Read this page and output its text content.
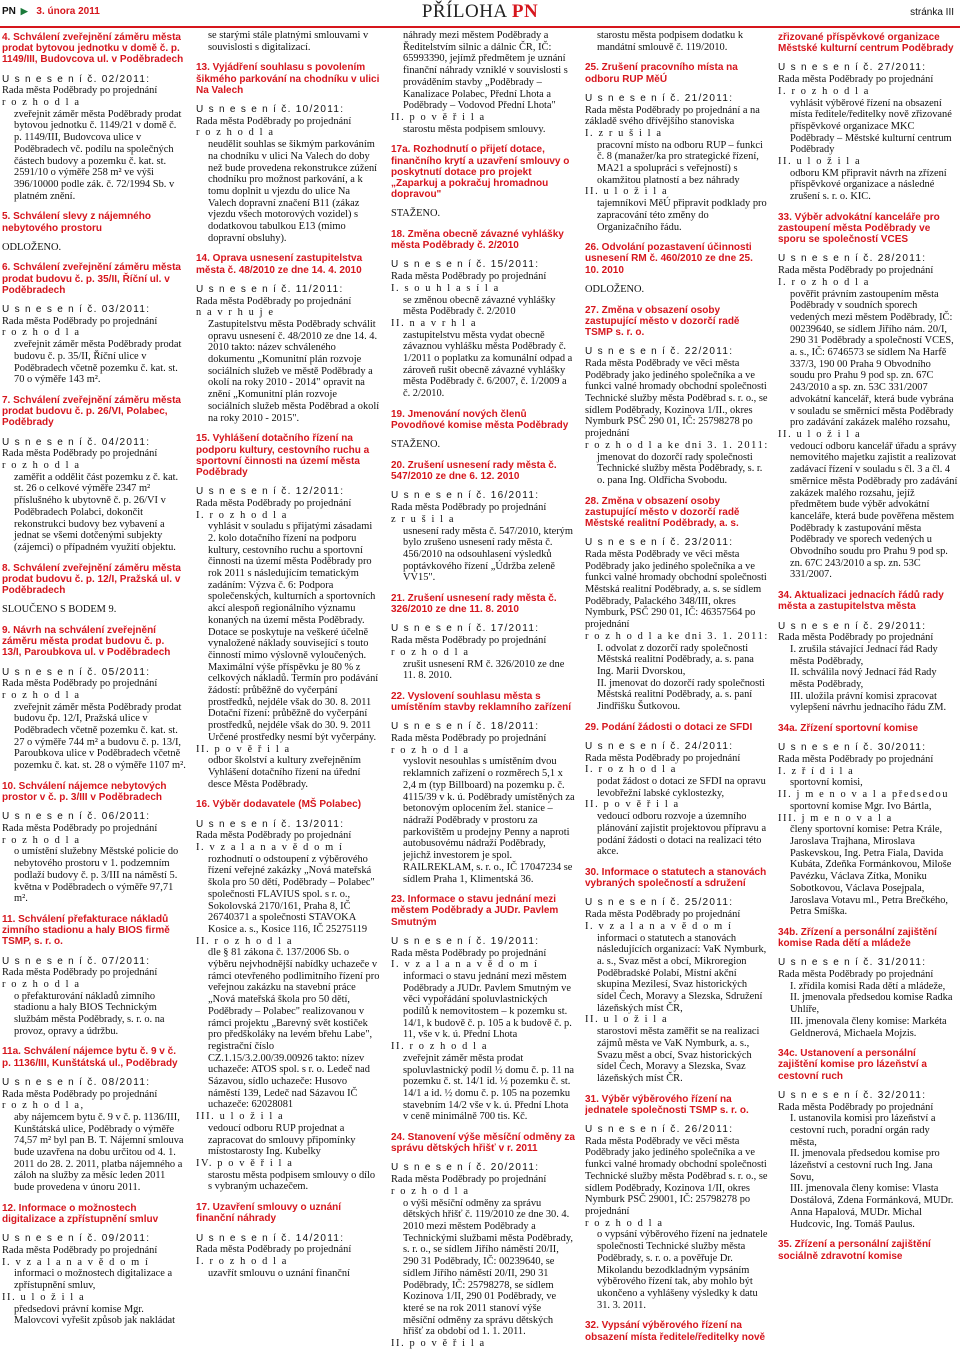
PN ▶ 3. února 2011	PŘÍLOHA PN	stránka III

4. Schválení zveřejnění záměru města prodat bytovou jednotku v domě č. p. 1149/III, Budovcova ul. v Poděbradech

U s n e s e n í č. 02/2011:

Rada města Poděbrady po projednání

r o z h o d l a

zveřejnit záměr města Poděbrady prodat bytovou jednotku č. 1149/21 v domě č. p. 1149/III, Budovcova ulice v Poděbradech vč. podílu na společných částech budovy a pozemku č. kat. st. 2591/10 o výměře 258 m² ve výši 396/10000 podle zák. č. 72/1994 Sb. v platném znění.

5. Schválení slevy z nájemného nebytového prostoru

ODLOŽENO.

6. Schválení zveřejnění záměru města prodat budovu č. p. 35/II, Říční ul. v Poděbradech

U s n e s e n í č. 03/2011:

Rada města Poděbrady po projednání

r o z h o d l a

zveřejnit záměr města Poděbrady prodat budovu č. p. 35/II, Říční ulice v Poděbradech včetně pozemku č. kat. st. 70 o výměře 143 m².

7. Schválení zveřejnění záměru města prodat budovu č. p. 26/VI, Polabec, Poděbrady

U s n e s e n í č. 04/2011:

Rada města Poděbrady po projednání

r o z h o d l a

zaměřit a oddělit část pozemku z č. kat. st. 26 o celkové výměře 2347 m² příslušného k ubytovně č. p. 26/VI v Poděbradech Polabci, dokončit rekonstrukci budovy bez vybavení a jednat se všemi dotčenými subjekty (zájemci) o případném využití objektu.

8. Schválení zveřejnění záměru města prodat budovu č. p. 12/I, Pražská ul. v Poděbradech

SLOUČENO S BODEM 9.

9. Návrh na schválení zveřejnění záměru města prodat budovu č. p. 13/I, Paroubkova ul. v Poděbradech

U s n e s e n í č. 05/2011:

Rada města Poděbrady po projednání

r o z h o d l a

zveřejnit záměr města Poděbrady prodat budovu čp. 12/I, Pražská ulice v Poděbradech včetně pozemku č. kat. st. 27 o výměře 744 m² a budovu č. p. 13/I, Paroubkova ulice v Poděbradech včetně pozemku č. kat. st. 28 o výměře 1107 m².

10. Schválení nájemce nebytových prostor v č. p. 3/III v Poděbradech

U s n e s e n í č. 06/2011:

Rada města Poděbrady po projednání

r o z h o d l a

o umístění služebny Městské policie do nebytového prostoru v 1. podzemním podlaží budovy č. p. 3/III na náměstí 5. května v Poděbradech o výměře 97,71 m².

11. Schválení přefakturace nákladů zimního stadionu a haly BIOS firmě TSMP, s. r. o.

U s n e s e n í č. 07/2011:

Rada města Poděbrady po projednání

r o z h o d l a

o přefakturování nákladů zimního stadionu a haly BIOS Technickým službám města Poděbrady, s. r. o. na provoz, opravy a údržbu.

11a. Schválení nájemce bytu č. 9 v č. p. 1136/III, Kunštátská ul., Poděbrady

U s n e s e n í č. 08/2011:

Rada města Poděbrady po projednání

r o z h o d l a,

aby nájemcem bytu č. 9 v č. p. 1136/III, Kunštátská ulice, Poděbrady o výměře 74,57 m² byl pan B. T. Nájemní smlouva bude uzavřena na dobu určitou od 4. 1. 2011 do 28. 2. 2011, platba nájemného a záloh na služby za měsíc leden 2011 bude provedena v únoru 2011.

12. Informace o možnostech digitalizace a zpřístupnění smluv

U s n e s e n í č. 09/2011:

Rada města Poděbrady po projednání

I. v z a l a n a v ě d o m í

informaci o možnostech digitalizace a zpřístupnění smluv,

II. u l o ž i l a

předsedovi právní komise Mgr. Malovcovi vyřešit způsob jak nakládat

se starými stále platnými smlouvami v souvislosti s digitalizací.

13. Vyjádření souhlasu s povolením šikmého parkování na chodníku v ulici Na Valech

U s n e s e n í č. 10/2011:

Rada města Poděbrady po projednání

r o z h o d l a

neudělit souhlas se šikmým parkováním na chodníku v ulici Na Valech do doby než bude provedena rekonstrukce zúžení chodníku pro možnost parkování, a k tomu doplnit u vjezdu do ulice Na Valech dopravní značení B11 (zákaz vjezdu všech motorových vozidel) s dodatkovou tabulkou E13 (mimo dopravní obsluhy).

14. Oprava usnesení zastupitelstva města č. 48/2010 ze dne 14. 4. 2010

U s n e s e n í č. 11/2011:

Rada města Poděbrady po projednání

n a v r h u j e

Zastupitelstvu města Poděbrady schválit opravu usnesení č. 48/2010 ze dne 14. 4. 2010 takto: název schváleného dokumentu „Komunitní plán rozvoje sociálních služeb ve městě Poděbrady a okolí na roky 2010 - 2014" opravit na znění „Komunitní plán rozvoje sociálních služeb města Poděbrad a okolí na roky 2010 - 2015".

15. Vyhlášení dotačního řízení na podporu kultury, cestovního ruchu a sportovní činnosti na území města Poděbrady

U s n e s e n í č. 12/2011:

Rada města Poděbrady po projednání

I. r o z h o d l a

vyhlásit v souladu s přijatými zásadami 2. kolo dotačního řízení na podporu kultury, cestovního ruchu a sportovní činnosti na území města Poděbrady pro rok 2011 s následujícím tematickým zadáním: Výzva č. 6: Podpora společenských, kulturních a sportovních akcí alespoň regionálního významu konaných na území města Poděbrady. Dotace se poskytuje na veškeré účelně vynaložené náklady související s touto činností mimo výslovně vyloučených. Maximální výše příspěvku je 80 % z celkových nákladů. Termín pro podávání žádostí: průběžně do vyčerpání prostředků, nejdéle však do 30. 8. 2011 Dotační řízení: průběžně do vyčerpání prostředků, nejdéle však do 30. 9. 2011 Určené prostředky nesmí být vyčerpány.

II. p o v ě ř i l a

odbor školství a kultury zveřejněním Vyhlášení dotačního řízení na úřední desce Města Poděbrady.

16. Výběr dodavatele (MŠ Polabec)

U s n e s e n í č. 13/2011:

Rada města Poděbrady po projednání

I. v z a l a n a v ě d o m í

rozhodnutí o odstoupení z výběrového řízení veřejné zakázky „Nová mateřská škola pro 50 dětí, Poděbrady – Polabec" společnosti FLAVIUS spol. s r. o., Sokolovská 2170/161, Praha 8, IČ 26740371 a společnosti STAVOKA Kosice a. s., Kosice 116, IČ 25275119

II. r o z h o d l a

dle § 81 zákona č. 137/2006 Sb. o výběru nejvhodnější nabídky uchazeče v rámci otevřeného podlimitního řízení pro veřejnou zakázku na stavební práce „Nová mateřská škola pro 50 dětí, Poděbrady – Polabec" realizovanou v rámci projektu „Barevný svět kostiček pro předškoláky na levém břehu Labe", registrační číslo CZ.1.15/3.2.00/39.00926 takto: nízev uchazeče: ATOS spol. s r. o. Ledeč nad Sázavou, sídlo uchazeče: Husovo náměstí 139, Ledeč nad Sázavou IČ uchazeče: 62028081

III. u l o ž i l a

vedoucí odboru RUP projednat a zapracovat do smlouvy připomínky místostarosty Ing. Kubelky

IV. p o v ě ř i l a

starostu města podpisem smlouvy o dílo s vybraným uchazečem.

17. Uzavření smlouvy o uznání finanční náhrady

U s n e s e n í č. 14/2011:

Rada města Poděbrady po projednání

I. r o z h o d l a

uzavřít smlouvu o uznání finanční

náhrady mezi městem Poděbrady a Ředitelstvím silnic a dálnic ČR, IČ: 65993390, jejímž předmětem je uznání finanční náhrady vzniklé v souvislosti s prováděním stavby „Poděbrady – Kanalizace Polabec, Přední Lhota a Poděbrady – Vodovod Přední Lhota"

II. p o v ě ř i l a

starostu města podpisem smlouvy.

17a. Rozhodnutí o přijetí dotace, finančního krytí a uzavření smlouvy o poskytnutí dotace pro projekt „Zaparkuj a pokračuj hromadnou dopravou"

STAŽENO.

18. Změna obecně závazné vyhlášky města Poděbrady č. 2/2010

U s n e s e n í č. 15/2011:

Rada města Poděbrady po projednání

I. s o u h l a s í l a

se změnou obecně závazné vyhlášky města Poděbrady č. 2/2010

II. n a v r h l a

zastupitelstvu města vydat obecně závaznou vyhlášku města Poděbrady č. 1/2011 o poplatku za komunální odpad a zároveň rušit obecně závazné vyhlášky města Poděbrady č. 6/2007, č. 1/2009 a č. 2/2010.

19. Jmenování nových členů Povodňové komise města Poděbrady

STAŽENO.

20. Zrušení usnesení rady města č. 547/2010 ze dne 6. 12. 2010

U s n e s e n í č. 16/2011:

Rada města Poděbrady po projednání

z r u š i l a

usnesení rady města č. 547/2010, kterým bylo zrušeno usnesení rady města č. 456/2010 na odsouhlasení výsledků poptávkového řízení „Údržba zeleně VV15".

21. Zrušení usnesení rady města č. 326/2010 ze dne 11. 8. 2010

U s n e s e n í č. 17/2011:

Rada města Poděbrady po projednání

r o z h o d l a

zrušit usnesení RM č. 326/2010 ze dne 11. 8. 2010.

22. Vyslovení souhlasu města s umístěním stavby reklamního zařízení

U s n e s e n í č. 18/2011:

Rada města Poděbrady po projednání

r o z h o d l a

vyslovit nesouhlas s umístěním dvou reklamních zařízení o rozměrech 5,1 x 2,4 m (typ Billboard) na pozemku p. č. 4115/39 v k. ú. Poděbrady umístěných za betonovým oplocením žel. stanice – nádraží Poděbrady v prostoru za parkovištěm u prodejny Penny a naproti autobusovému nádraží Poděbrady, jejichž investorem je spol. RAILREKLAM, s. r. o., IČ 17047234 se sídlem Praha 1, Klimentská 36.

23. Informace o stavu jednání mezi městem Poděbrady a JUDr. Pavlem Smutným

U s n e s e n í č. 19/2011:

Rada města Poděbrady po projednání

I. v z a l a n a v ě d o m í

informaci o stavu jednání mezi městem Poděbrady a JUDr. Pavlem Smutným ve věci vypořádání spoluvlastnických podílů k nemovitostem – k pozemku st. 14/1, k budově č. p. 105 a k budově č. p. 11, vše v k. ú. Přední Lhota

II. r o z h o d l a

zveřejnit záměr města prodat spoluvlastnický podíl ½ domu č. p. 11 na pozemku č. st. 14/1 id. ½ pozemku č. st. 14/1 a id. ½ domu č. p. 105 na pozemku stavebním 14/2 vše v k. ú. Přední Lhota v ceně minimálně 700 tis. Kč.

24. Stanovení výše měsíční odměny za správu dětských hřišť v r. 2011

U s n e s e n í č. 20/2011:

Rada města Poděbrady po projednání

r o z h o d l a

o výši měsíční odměny za správu dětských hřišť č. 119/2010 ze dne 30. 4. 2010 mezi městem Poděbrady a Technickými službami města Poděbrady, s. r. o., se sídlem Jiřího náměstí 20/II, 290 31 Poděbrady, IČ: 00239640, se sídlem Jiřího náměstí 20/II, 290 31 Poděbrady, IČ: 25798278, se sídlem Kozinova 1/II, 290 01 Poděbrady, ve které se na rok 2011 stanoví výše měsíční odměny za správu dětských hřišť za období od 1. 1. 2011.

II. p o v ě ř i l a

starostu města podpisem dodatku k mandátní smlouvě č. 119/2010.

25. Zrušení pracovního místa na odboru RUP MěÚ

U s n e s e n í č. 21/2011:

Rada města Poděbrady po projednání a na základě svého dřívějšího stanoviska

I. z r u š i l a

pracovní místo na odboru RUP – funkci č. 8 (manažer/ka pro strategické řízení, MA21 a spolupráci s veřejností) s okamžitou platností a bez náhrady

II. u l o ž i l a

tajemníkovi MěÚ připravit podklady pro zapracování této změny do Organizačního řádu.

26. Odvolání pozastavení účinnosti usnesení RM č. 460/2010 ze dne 25. 10. 2010

ODLOŽENO.

27. Změna v obsazení osoby zastupující město v dozorčí radě TSMP s. r. o.

U s n e s e n í č. 22/2011:

Rada města Poděbrady ve věci města Poděbrady jako jediného společníka a ve funkci valné hromady obchodní společnosti Technické služby města Poděbrad s. r. o., se sídlem Poděbrady, Kozinova 1/II., okres Nymburk PSČ 290 01, IČ: 25798278 po projednání

r o z h o d l a ke dni 3. 1. 2011:

jmenovat do dozorčí rady společnosti Technické služby města Poděbrady, s. r. o. pana Ing. Oldřicha Svobodu.

28. Změna v obsazení osoby zastupující město v dozorčí radě Městské realitní Poděbrady, a. s.

U s n e s e n í č. 23/2011:

Rada města Poděbrady ve věci města Poděbrady jako jediného společníka a ve funkci valné hromady obchodní společnosti Městská realitní Poděbrady, a. s. se sídlem Poděbrady, Palackého 348/III, okres Nymburk, PSČ 290 01, IČ: 46357564 po projednání

r o z h o d l a ke dni 3. 1. 2011:

I. odvolat z dozorčí rady společnosti Městská realitní Poděbrady, a. s. pana Ing. Marii Dvorskou,

II. jmenovat do dozorčí rady společnosti Městská realitní Poděbrady, a. s. paní Jindřišku Šutkovou.

29. Podání žádosti o dotaci ze SFDI

U s n e s e n í č. 24/2011:

Rada města Poděbrady po projednání

I. r o z h o d l a

podat žádost o dotaci ze SFDI na opravu levobřežní labské cyklostezky,

II. p o v ě ř i l a

vedoucí odboru rozvoje a územního plánování zajistit projektovou přípravu a podání žádosti o dotaci na realizaci této akce.

30. Informace o statutech a stanovách vybraných společností a sdružení

U s n e s e n í č. 25/2011:

Rada města Poděbrady po projednání

I. v z a l a n a v ě d o m í

informaci o statutech a stanovách následujících organizací: VaK Nymburk, a. s., Svaz měst a obcí, Mikroregion Poděbradské Polabí, Místní akční skupina Mezilesí, Svaz historických sídel Čech, Moravy a Slezska, Sdružení lázeňských míst ČR,

II. u l o ž i l a

starostovi města zaměřit se na realizaci zájmů města ve VaK Nymburk, a. s., Svazu měst a obcí, Svaz historických sídel Čech, Moravy a Slezska, Svaz lázeňských míst ČR.

31. Výběr výběrového řízení na jednatele společnosti TSMP s. r. o.

U s n e s e n í č. 26/2011:

Rada města Poděbrady ve věci města Poděbrady jako jediného společníka a ve funkci valné hromady obchodní společnosti Technické služby města Poděbrad s. r. o., se sídlem Poděbrady, Kozinova 1/II, okres Nymburk PSČ 29001, IČ: 25798278 po projednání

r o z h o d l a

o vypsání výběrového řízení na jednatele společnosti Technické služby města Poděbrady, s. r. o. a pověřuje Dr. Mikolandu bezodkladným vypsáním výběrového řízení tak, aby mohlo být ukončeno a vyhlášeny výsledky k datu 31. 3. 2011.

32. Vypsání výběrového řízení na obsazení místa ředitele/ředitelky nově

zřizované příspěvkové organizace Městské kulturní centrum Poděbrady

U s n e s e n í č. 27/2011:

Rada města Poděbrady po projednání

I. r o z h o d l a

vyhlásit výběrové řízení na obsazení místa ředitele/ředitelky nově zřizované příspěvkové organizace MKC Poděbrady – Městské kulturní centrum Poděbrady

II. u l o ž i l a

odboru KM připravit návrh na zřízení příspěvkové organizace a následné zrušení s. r. o. KIC.

33. Výběr advokátní kanceláře pro zastoupení města Poděbrady ve sporu se společností VCES

U s n e s e n í č. 28/2011:

Rada města Poděbrady po projednání

I. r o z h o d l a

pověřit právním zastoupením města Poděbrady v soudních sporech vedených mezi městem Poděbrady, IČ: 00239640, se sídlem Jiřího nám. 20/I, 290 31 Poděbrady a společností VCES, a. s., IČ: 6746573 se sídlem Na Harfě 337/3, 190 00 Praha 9 Obvodního soudu pro Prahu 9 pod sp. zn. 67C 243/2010 a sp. zn. 53C 331/2007 advokátní kancelář, která bude vybrána v souladu se směrnicí města Poděbrady pro zadávání zakázek malého rozsahu,

II. u l o ž i l a

vedoucí odboru kancelář úřadu a správy nemovitého majetku zajistit a realizovat zadávací řízení v souladu s čl. 3 a čl. 4 směrnice města Poděbrady pro zadávání zakázek malého rozsahu, jejíž předmětem bude výběr advokátní kanceláře, která bude pověřena městem Poděbrady k zastupování města Poděbrady ve sporech vedených u Obvodního soudu pro Prahu 9 pod sp. zn. 67C 243/2010 a sp. zn. 53C 331/2007.

34. Aktualizaci jednacích řádů rady města a zastupitelstva města

U s n e s e n í č. 29/2011:

Rada města Poděbrady po projednání

I. zrušila stávající Jednací řád Rady města Poděbrady,

II. schválila nový Jednací řád Rady města Poděbrady,

III. uložila právní komisi zpracovat vylepšení návrhu jednacího řádu ZM.

34a. Zřízení sportovní komise

U s n e s e n í č. 30/2011:

Rada města Poděbrady po projednání

I. z ř í d i l a

sportovní komisi,

II. j m e n o v a l a předsedou

sportovní komise Mgr. Ivo Bártla,

III. j m e n o v a l a

členy sportovní komise: Petra Krále, Jaroslava Trajhana, Miroslava Paskevskou, Ing. Petra Fiala, Davida Kubáta, Zdeňka Formánkovou, Miloše Pavézku, Václava Zítka, Moniku Sobotkovou, Václava Posejpala, Jaroslava Votavu ml., Petra Brečkého, Petra Smíška.

34b. Zřízení a personální zajištění komise Rada dětí a mládeže

U s n e s e n í č. 31/2011:

Rada města Poděbrady po projednání

I. zřídila komisi Rada dětí a mládeže,

II. jmenovala předsedou komise Radka Uhlíře,

III. jmenovala členy komise: Markéta Geldnerová, Michaela Mojzis.

34c. Ustanovení a personální zajištění komise pro lázeňství a cestovní ruch

U s n e s e n í č. 32/2011:

Rada města Poděbrady po projednání

I. ustanovila komisi pro lázeňství a cestovní ruch, poradní orgán rady města,

II. jmenovala předsedou komise pro lázeňství a cestovní ruch Ing. Jana Sovu,

III. jmenovala členy komise: Vlasta Dostálová, Zdena Formánková, MUDr. Anna Hapalová, MUDr. Michal Hudcovic, Ing. Tomáš Paulus.

35. Zřízení a personální zajištění sociálně zdravotní komise
